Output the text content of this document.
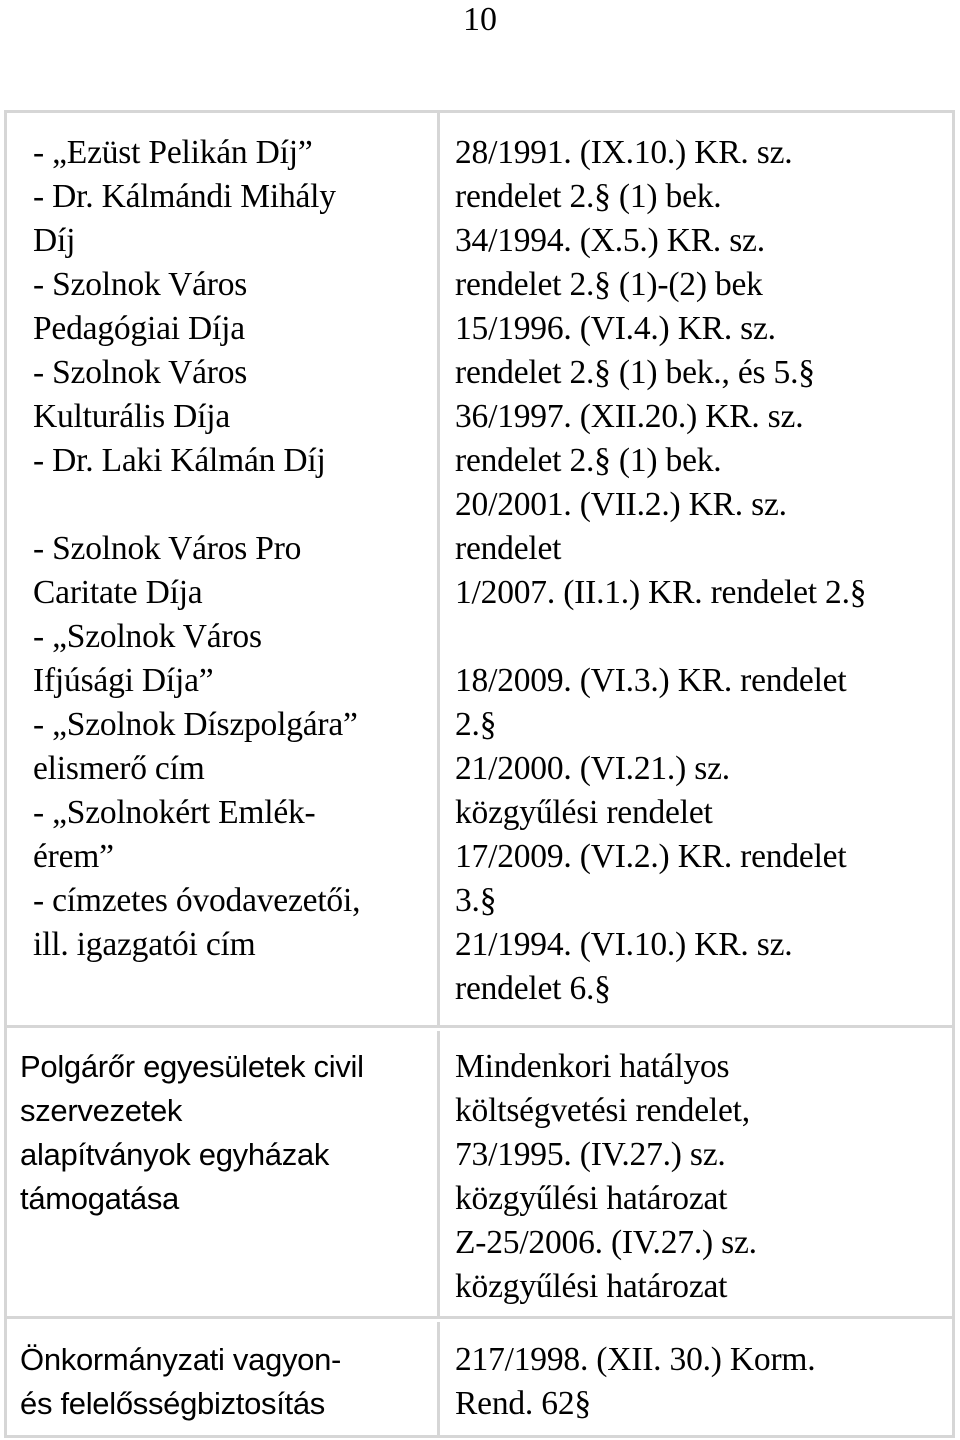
10
- „Ezüst Pelikán Díj”
- Dr. Kálmándi Mihály
Díj
- Szolnok Város
Pedagógiai Díja
- Szolnok Város
Kulturális Díja
- Dr. Laki Kálmán Díj
- Szolnok Város Pro
Caritate Díja
- „Szolnok Város
Ifjúsági Díja”
- „Szolnok Díszpolgára”
elismerő cím
- „Szolnokért Emlék-
érem”
- címzetes óvodavezetői,
ill. igazgatói cím
28/1991. (IX.10.) KR. sz.
rendelet 2.§ (1) bek.
34/1994. (X.5.) KR. sz.
rendelet 2.§ (1)-(2) bek
15/1996. (VI.4.) KR. sz.
rendelet 2.§ (1) bek., és 5.§
36/1997. (XII.20.) KR. sz.
rendelet 2.§ (1) bek.
20/2001. (VII.2.) KR. sz.
rendelet
1/2007. (II.1.) KR. rendelet 2.§
18/2009. (VI.3.) KR. rendelet
2.§
21/2000. (VI.21.) sz.
közgyűlési rendelet
17/2009. (VI.2.) KR. rendelet
3.§
21/1994. (VI.10.) KR. sz.
rendelet 6.§
Polgárőr egyesületek civil
szervezetek
alapítványok egyházak
támogatása
Mindenkori hatályos
költségvetési rendelet,
73/1995. (IV.27.) sz.
közgyűlési határozat
Z-25/2006. (IV.27.) sz.
közgyűlési határozat
Önkormányzati vagyon-
és felelősségbiztosítás
217/1998. (XII. 30.) Korm.
Rend. 62§
